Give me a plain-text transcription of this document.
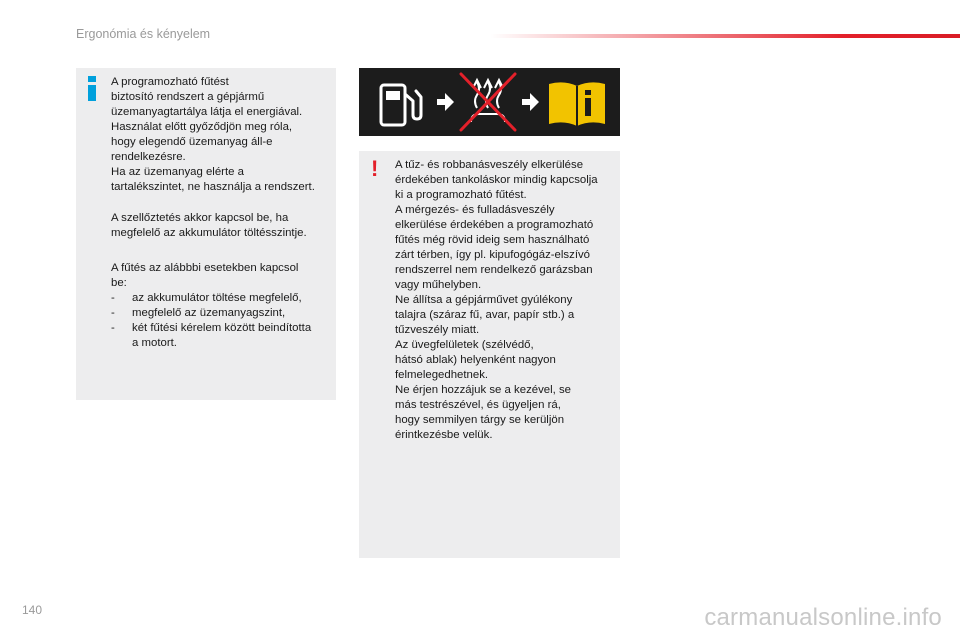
Ergonómia és kényelem

A programozható fűtést
biztosító rendszert a gépjármű
üzemanyagtartálya látja el energiával.
Használat előtt győződjön meg róla,
hogy elegendő üzemanyag áll-e
rendelkezésre.
Ha az üzemanyag elérte a
tartalékszintet, ne használja a rendszert.

A szellőztetés akkor kapcsol be, ha
megfelelő az akkumulátor töltésszintje.

A fűtés az alábbbi esetekben kapcsol
be:

- az akkumulátor töltése megfelelő,
- megfelelő az üzemanyagszint,
- két fűtési kérelem között beindította
a motort.
! A tűz- és robbanásveszély elkerülése
érdekében tankoláskor mindig kapcsolja
ki a programozható fűtést.
A mérgezés- és fulladásveszély
elkerülése érdekében a programozható
fűtés még rövid ideig sem használható
zárt térben, így pl. kipufogógáz-elszívó
rendszerrel nem rendelkező garázsban
vagy műhelyben.
Ne állítsa a gépjárművet gyúlékony
talajra (száraz fű, avar, papír stb.) a
tűzveszély miatt.
Az üvegfelületek (szélvédő,
hátsó ablak) helyenként nagyon
felmelegedhetnek.
Ne érjen hozzájuk se a kezével, se
más testrészével, és ügyeljen rá,
hogy semmilyen tárgy se kerüljön
érintkezésbe velük.

140	carmanualsonline.info
